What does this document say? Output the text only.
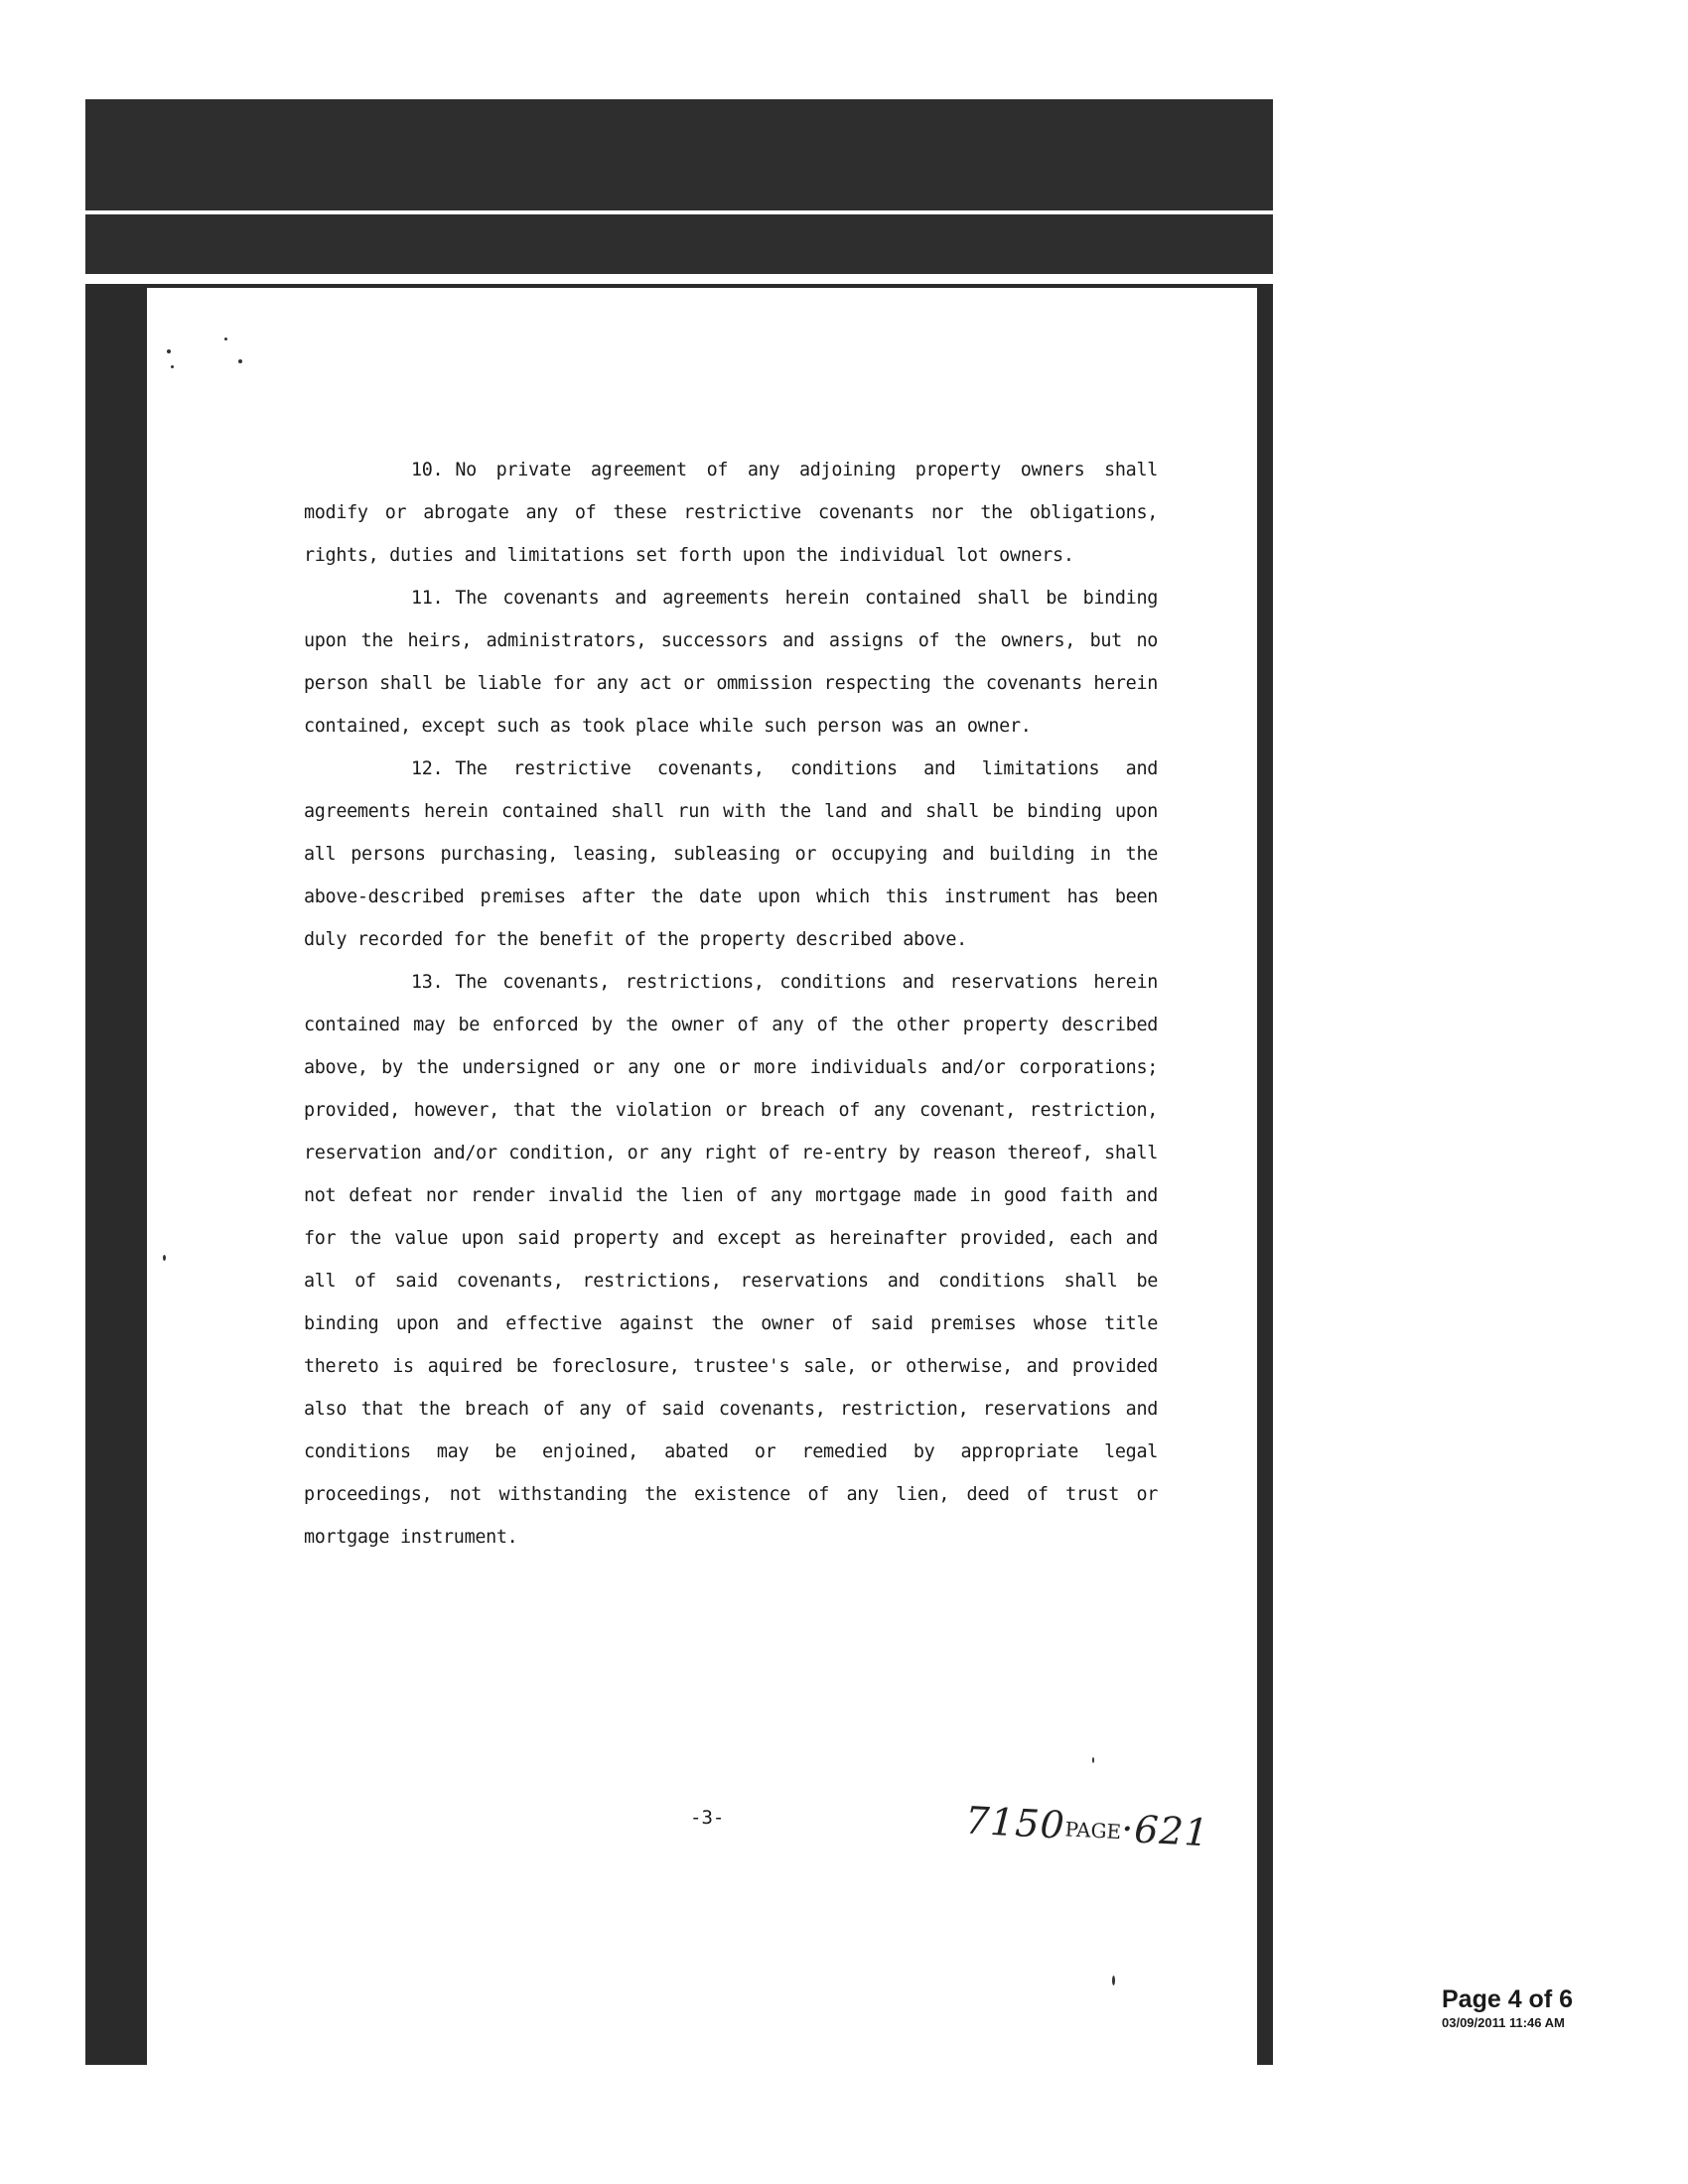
10. No private agreement of any adjoining property owners shall modify or abrogate any of these restrictive covenants nor the obligations, rights, duties and limitations set forth upon the individual lot owners.

11. The covenants and agreements herein contained shall be binding upon the heirs, administrators, successors and assigns of the owners, but no person shall be liable for any act or ommission respecting the covenants herein contained, except such as took place while such person was an owner.

12. The restrictive covenants, conditions and limitations and agreements herein contained shall run with the land and shall be binding upon all persons purchasing, leasing, subleasing or occupying and building in the above-described premises after the date upon which this instrument has been duly recorded for the benefit of the property described above.

13. The covenants, restrictions, conditions and reservations herein contained may be enforced by the owner of any of the other property described above, by the undersigned or any one or more individuals and/or corporations; provided, however, that the violation or breach of any covenant, restriction, reservation and/or condition, or any right of re-entry by reason thereof, shall not defeat nor render invalid the lien of any mortgage made in good faith and for the value upon said property and except as hereinafter provided, each and all of said covenants, restrictions, reservations and conditions shall be binding upon and effective against the owner of said premises whose title thereto is aquired be foreclosure, trustee's sale, or otherwise, and provided also that the breach of any of said covenants, restriction, reservations and conditions may be enjoined, abated or remedied by appropriate legal proceedings, not withstanding the existence of any lien, deed of trust or mortgage instrument.

-3-	7150PAGE·621
Page 4 of 6
03/09/2011 11:46 AM
